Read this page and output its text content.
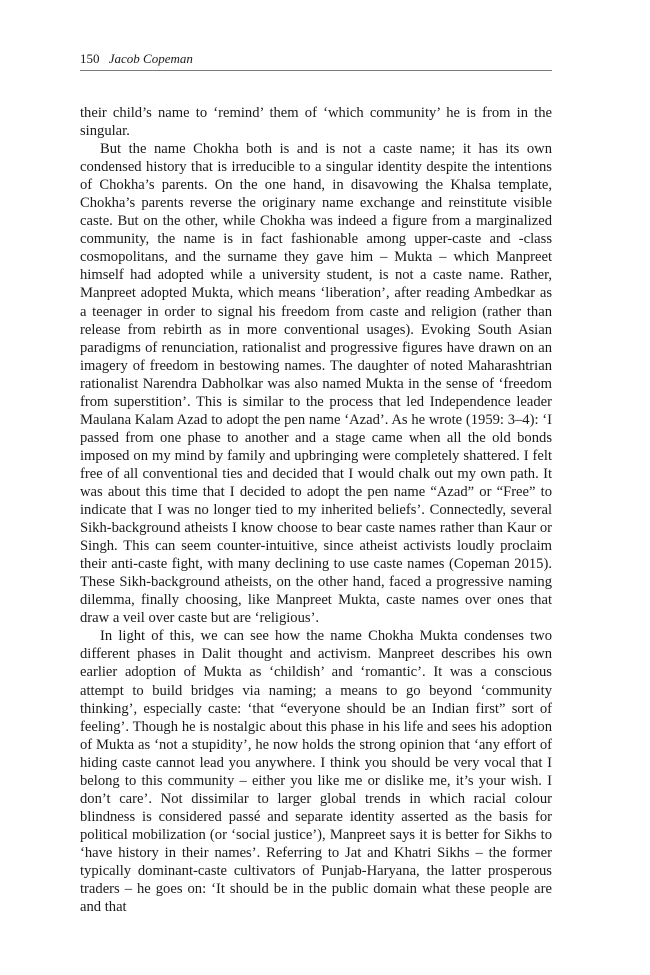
150 Jacob Copeman

their child’s name to ‘remind’ them of ‘which community’ he is from in the singular.

But the name Chokha both is and is not a caste name; it has its own condensed history that is irreducible to a singular identity despite the intentions of Chokha’s parents. On the one hand, in disavowing the Khalsa template, Chokha’s parents reverse the originary name exchange and reinstitute visible caste. But on the other, while Chokha was indeed a figure from a marginalized community, the name is in fact fashionable among upper-caste and -class cosmopolitans, and the surname they gave him – Mukta – which Manpreet himself had adopted while a university student, is not a caste name. Rather, Manpreet adopted Mukta, which means ‘liberation’, after reading Ambedkar as a teenager in order to signal his freedom from caste and religion (rather than release from rebirth as in more conventional usages). Evoking South Asian paradigms of renunciation, rationalist and progressive figures have drawn on an imagery of freedom in bestowing names. The daughter of noted Maharashtrian rationalist Narendra Dabholkar was also named Mukta in the sense of ‘freedom from superstition’. This is similar to the process that led Independence leader Maulana Kalam Azad to adopt the pen name ‘Azad’. As he wrote (1959: 3–4): ‘I passed from one phase to another and a stage came when all the old bonds imposed on my mind by family and upbringing were completely shattered. I felt free of all conventional ties and decided that I would chalk out my own path. It was about this time that I decided to adopt the pen name “Azad” or “Free” to indicate that I was no longer tied to my inherited beliefs’. Connectedly, several Sikh-background atheists I know choose to bear caste names rather than Kaur or Singh. This can seem counter-intuitive, since atheist activists loudly proclaim their anti-caste fight, with many declining to use caste names (Copeman 2015). These Sikh-background atheists, on the other hand, faced a progressive naming dilemma, finally choosing, like Manpreet Mukta, caste names over ones that draw a veil over caste but are ‘religious’.

In light of this, we can see how the name Chokha Mukta condenses two different phases in Dalit thought and activism. Manpreet describes his own earlier adoption of Mukta as ‘childish’ and ‘romantic’. It was a conscious attempt to build bridges via naming; a means to go beyond ‘community thinking’, especially caste: ‘that “everyone should be an Indian first” sort of feeling’. Though he is nostalgic about this phase in his life and sees his adoption of Mukta as ‘not a stupidity’, he now holds the strong opinion that ‘any effort of hiding caste cannot lead you anywhere. I think you should be very vocal that I belong to this community – either you like me or dislike me, it’s your wish. I don’t care’. Not dissimilar to larger global trends in which racial colour blindness is considered passé and separate identity asserted as the basis for political mobilization (or ‘social justice’), Manpreet says it is better for Sikhs to ‘have history in their names’. Referring to Jat and Khatri Sikhs – the former typically dominant-caste cultivators of Punjab-Haryana, the latter prosperous traders – he goes on: ‘It should be in the public domain what these people are and that
